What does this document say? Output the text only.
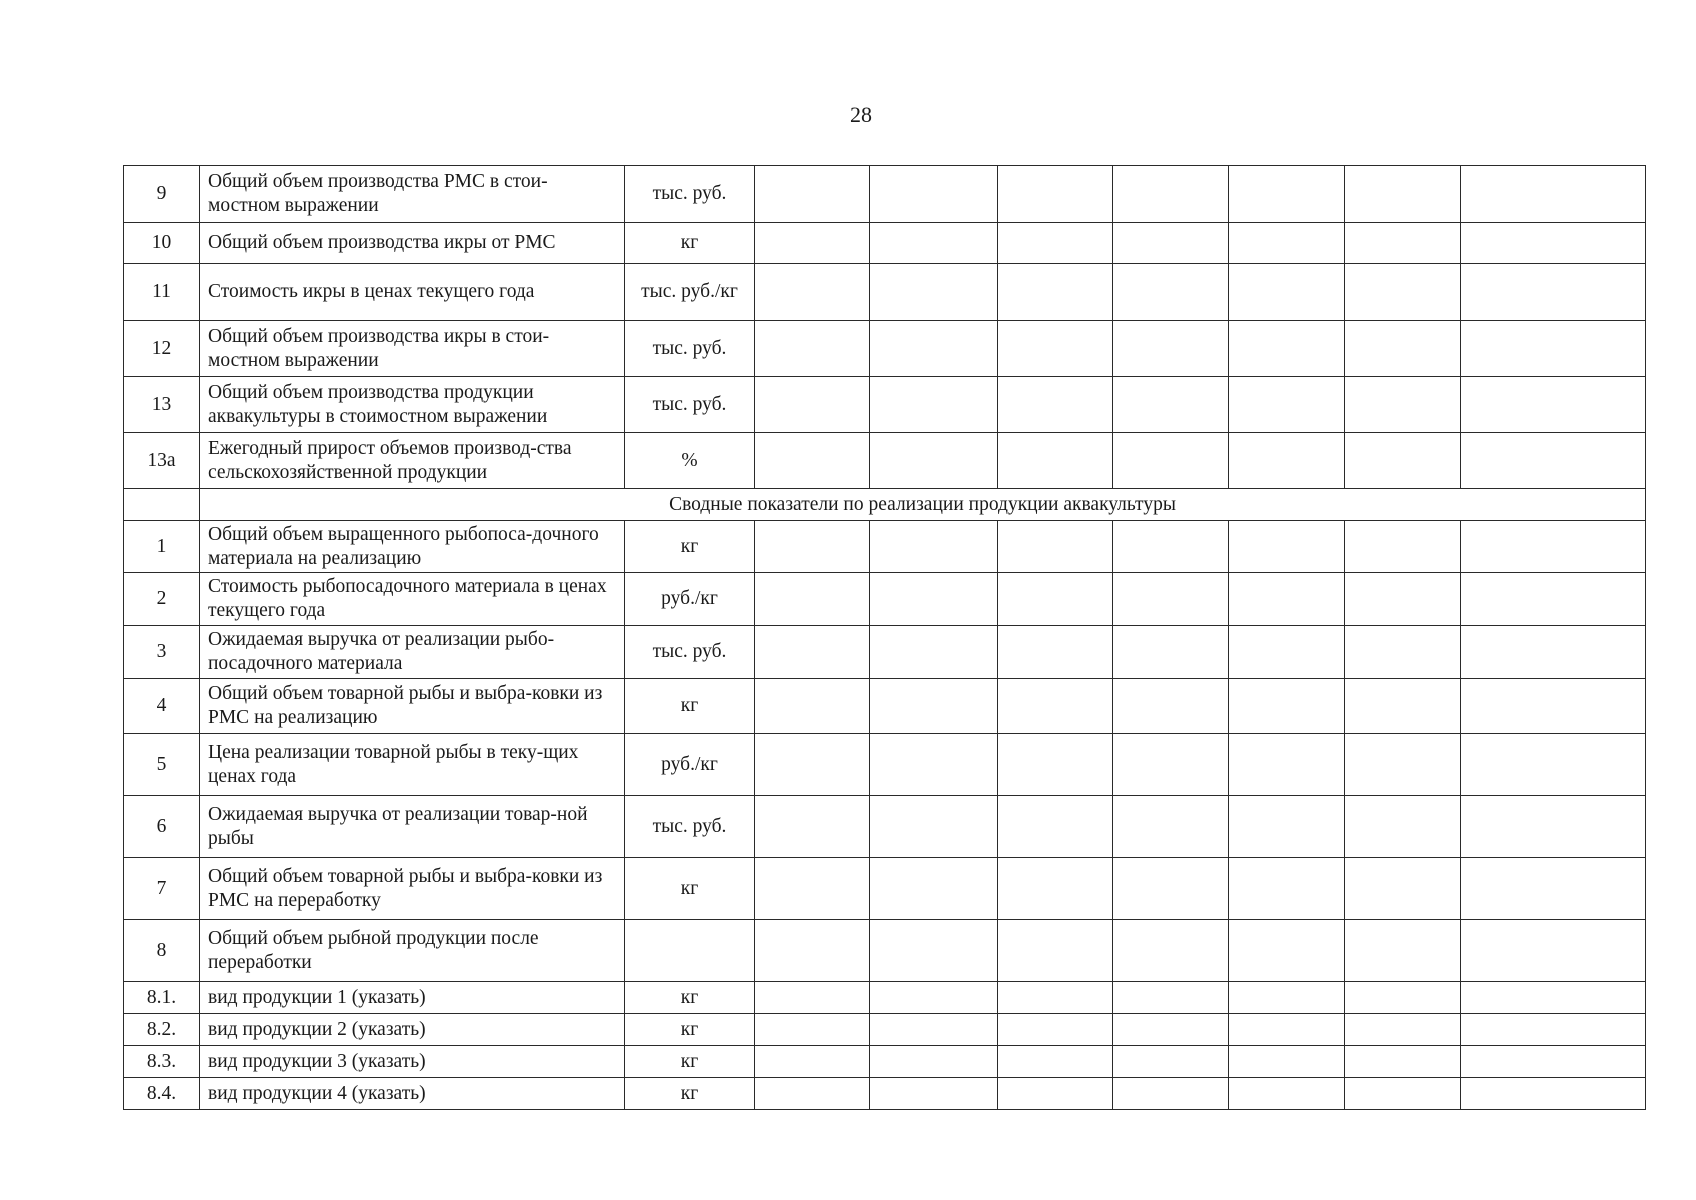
28
9	Общий объем производства РМС в стои-мостном выражении	тыс. руб.							
10	Общий объем производства икры от РМС	кг							
11	Стоимость икры в ценах текущего года	тыс. руб./кг							
12	Общий объем производства икры в стои-мостном выражении	тыс. руб.							
13	Общий объем производства продукции аквакультуры в стоимостном выражении	тыс. руб.							
13а	Ежегодный прирост объемов производ-ства сельскохозяйственной продукции	%							
	Сводные показатели по реализации продукции аквакультуры								
1	Общий объем выращенного рыбопоса-дочного материала на реализацию	кг							
2	Стоимость рыбопосадочного материала в ценах текущего года	руб./кг							
3	Ожидаемая выручка от реализации рыбо-посадочного материала	тыс. руб.							
4	Общий объем товарной рыбы и выбра-ковки из РМС на реализацию	кг							
5	Цена реализации товарной рыбы в теку-щих ценах года	руб./кг							
6	Ожидаемая выручка от реализации товар-ной рыбы	тыс. руб.							
7	Общий объем товарной рыбы и выбра-ковки из РМС на переработку	кг							
8	Общий объем рыбной продукции после переработки								
8.1.	вид продукции 1 (указать)	кг							
8.2.	вид продукции 2 (указать)	кг							
8.3.	вид продукции 3 (указать)	кг							
8.4.	вид продукции 4 (указать)	кг							
